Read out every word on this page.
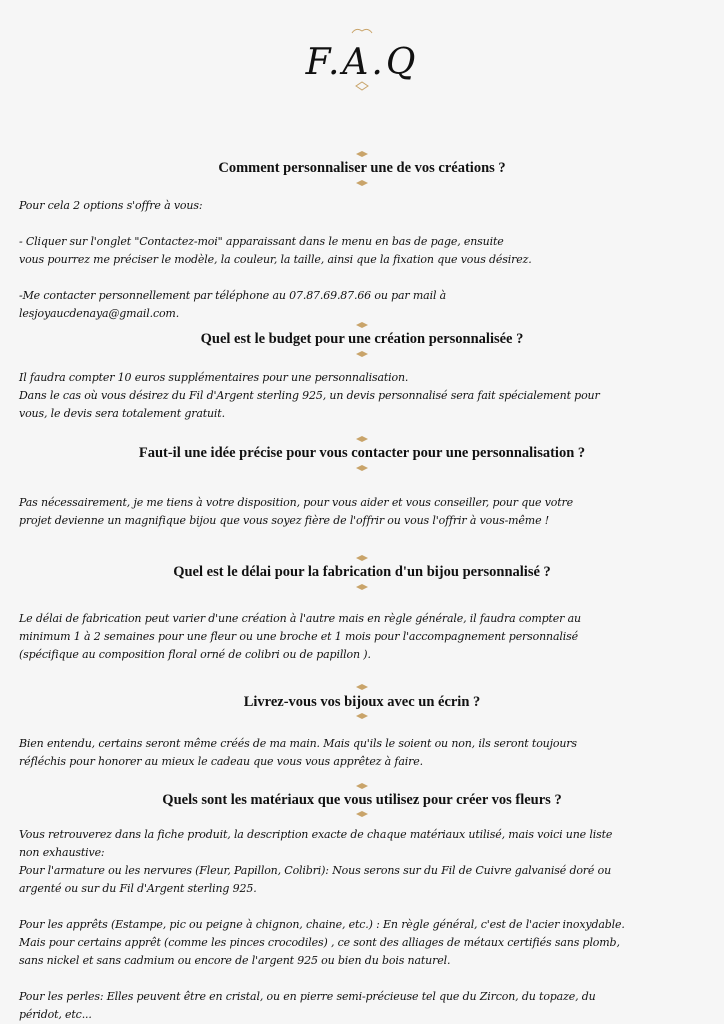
F.A.Q
Comment personnaliser une de vos créations ?
Pour cela 2 options s'offre à vous:
- Cliquer sur l'onglet "Contactez-moi" apparaissant dans le menu en bas de page, ensuite
vous pourrez me préciser le modèle, la couleur, la taille, ainsi que la fixation que vous désirez.
-Me contacter personnellement par téléphone au 07.87.69.87.66 ou par mail à
lesjoyaucdenaya@gmail.com.
Quel est le budget pour une création personnalisée ?
Il faudra compter 10 euros supplémentaires pour une personnalisation.
Dans le cas où vous désirez du Fil d'Argent sterling 925, un devis personnalisé sera fait spécialement pour
vous, le devis sera totalement gratuit.
Faut-il une idée précise pour vous contacter pour une personnalisation ?
Pas nécessairement, je me tiens à votre disposition, pour vous aider et vous conseiller, pour que votre
projet devienne un magnifique bijou que vous soyez fière de l'offrir ou vous l'offrir à vous-même !
Quel est le délai pour la fabrication d'un bijou personnalisé ?
Le délai de fabrication peut varier d'une création à l'autre mais en règle générale, il faudra compter au
minimum 1 à 2 semaines pour une fleur ou une broche et 1 mois pour l'accompagnement personnalisé
(spécifique au composition floral orné de colibri ou de papillon ).
Livrez-vous vos bijoux avec un écrin ?
Bien entendu, certains seront même créés de ma main. Mais qu'ils le soient ou non, ils seront toujours
réfléchis pour honorer au mieux le cadeau que vous vous apprêtez à faire.
Quels sont les matériaux que vous utilisez pour créer vos fleurs ?
Vous retrouverez dans la fiche produit, la description exacte de chaque matériaux utilisé, mais voici une liste
non exhaustive:
Pour l'armature ou les nervures (Fleur, Papillon, Colibri): Nous serons sur du Fil de Cuivre galvanisé doré ou
argenté ou sur du Fil d'Argent sterling 925.
Pour les apprêts (Estampe, pic ou peigne à chignon, chaine, etc.) : En règle général, c'est de l'acier inoxydable.
Mais pour certains apprêt (comme les pinces crocodiles) , ce sont des alliages de métaux certifiés sans plomb,
sans nickel et sans cadmium ou encore de l'argent 925 ou bien du bois naturel.
Pour les perles: Elles peuvent être en cristal, ou en pierre semi-précieuse tel que du Zircon, du topaze, du
péridot, etc...
